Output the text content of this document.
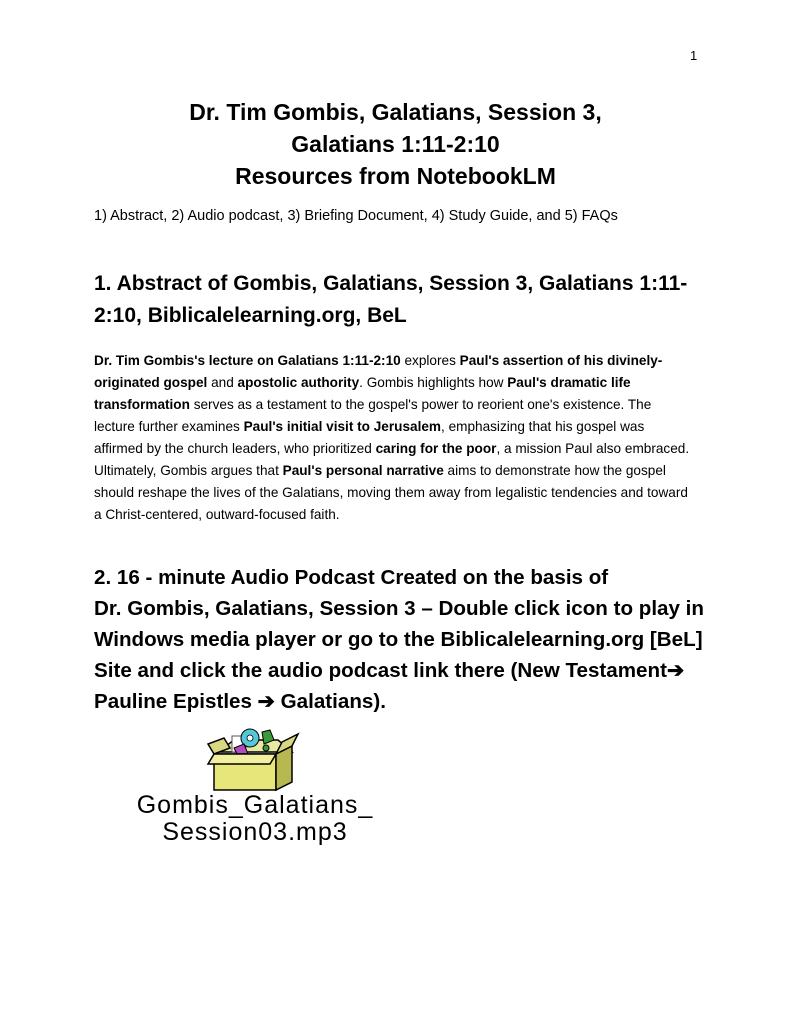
1
Dr. Tim Gombis, Galatians, Session 3,
Galatians 1:11-2:10
Resources from NotebookLM
1) Abstract, 2) Audio podcast, 3) Briefing Document, 4) Study Guide, and 5) FAQs
1. Abstract of Gombis, Galatians, Session 3, Galatians 1:11-2:10, Biblicalelearning.org, BeL
Dr. Tim Gombis's lecture on Galatians 1:11-2:10 explores Paul's assertion of his divinely-originated gospel and apostolic authority. Gombis highlights how Paul's dramatic life transformation serves as a testament to the gospel's power to reorient one's existence. The lecture further examines Paul's initial visit to Jerusalem, emphasizing that his gospel was affirmed by the church leaders, who prioritized caring for the poor, a mission Paul also embraced. Ultimately, Gombis argues that Paul's personal narrative aims to demonstrate how the gospel should reshape the lives of the Galatians, moving them away from legalistic tendencies and toward a Christ-centered, outward-focused faith.
2. 16 - minute Audio Podcast Created on the basis of
Dr. Gombis, Galatians, Session 3 – Double click icon to play in
Windows media player or go to the Biblicalelearning.org [BeL]
Site and click the audio podcast link there (New Testament➔
Pauline Epistles ➔ Galatians).
Gombis_Galatians_
Session03.mp3
